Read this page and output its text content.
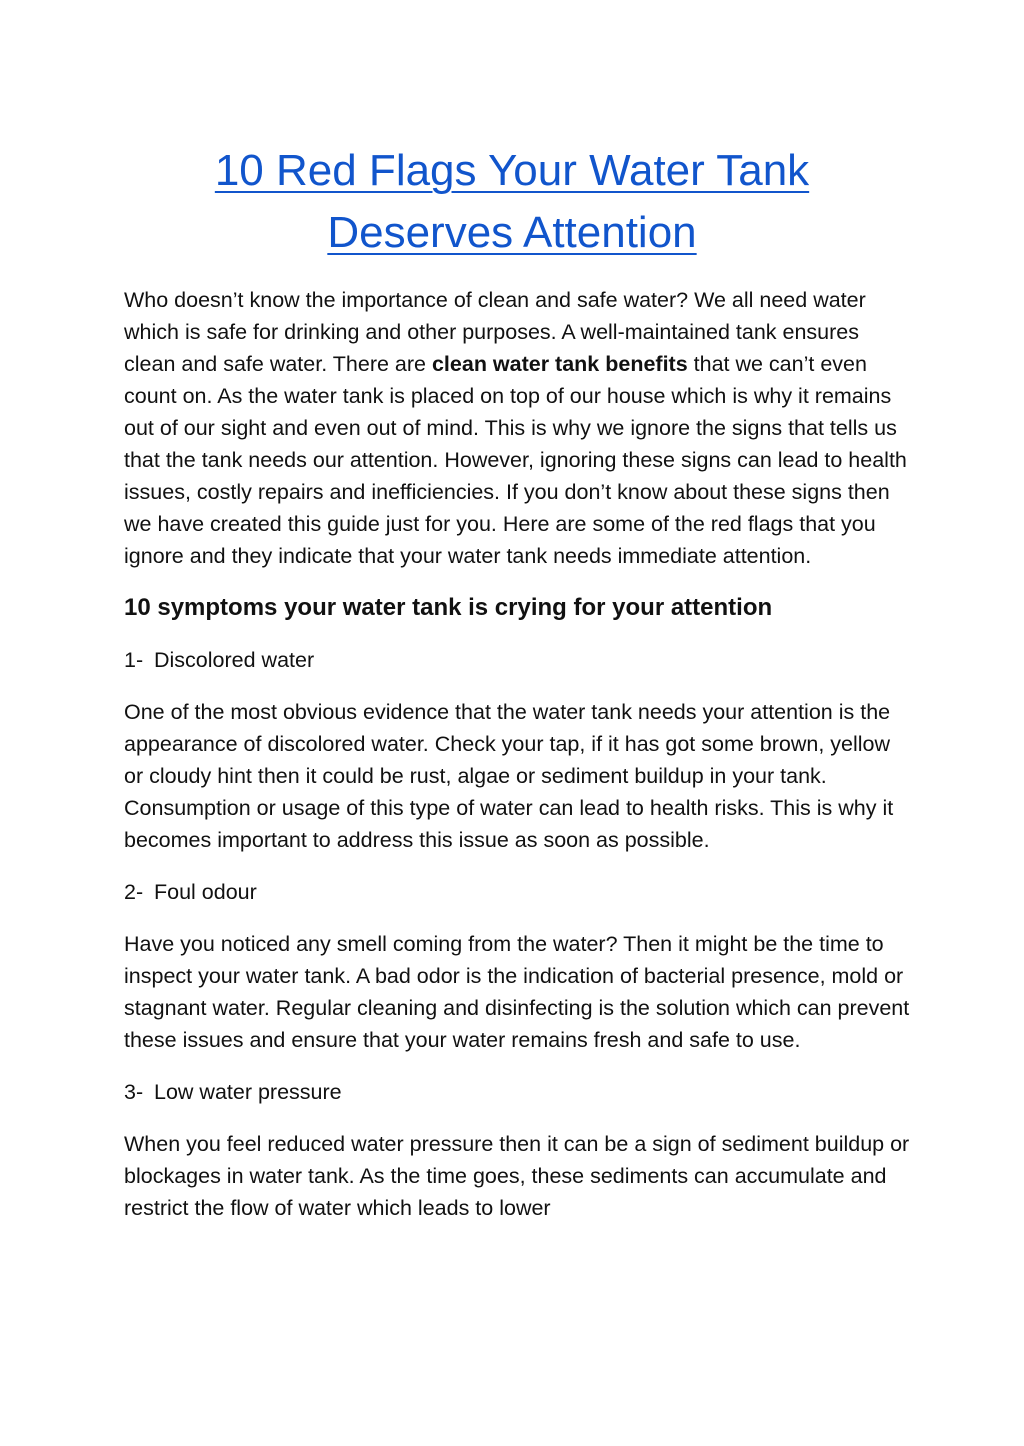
10 Red Flags Your Water Tank
Deserves Attention

Who doesn’t know the importance of clean and safe water? We all need water which is safe for drinking and other purposes. A well-maintained tank ensures clean and safe water. There are clean water tank benefits that we can’t even count on. As the water tank is placed on top of our house which is why it remains out of our sight and even out of mind. This is why we ignore the signs that tells us that the tank needs our attention. However, ignoring these signs can lead to health issues, costly repairs and inefficiencies. If you don’t know about these signs then we have created this guide just for you. Here are some of the red flags that you ignore and they indicate that your water tank needs immediate attention.

10 symptoms your water tank is crying for your attention

1- Discolored water

One of the most obvious evidence that the water tank needs your attention is the appearance of discolored water. Check your tap, if it has got some brown, yellow or cloudy hint then it could be rust, algae or sediment buildup in your tank. Consumption or usage of this type of water can lead to health risks. This is why it becomes important to address this issue as soon as possible.

2- Foul odour

Have you noticed any smell coming from the water? Then it might be the time to inspect your water tank. A bad odor is the indication of bacterial presence, mold or stagnant water. Regular cleaning and disinfecting is the solution which can prevent these issues and ensure that your water remains fresh and safe to use.

3- Low water pressure

When you feel reduced water pressure then it can be a sign of sediment buildup or blockages in water tank. As the time goes, these sediments can accumulate and restrict the flow of water which leads to lower
